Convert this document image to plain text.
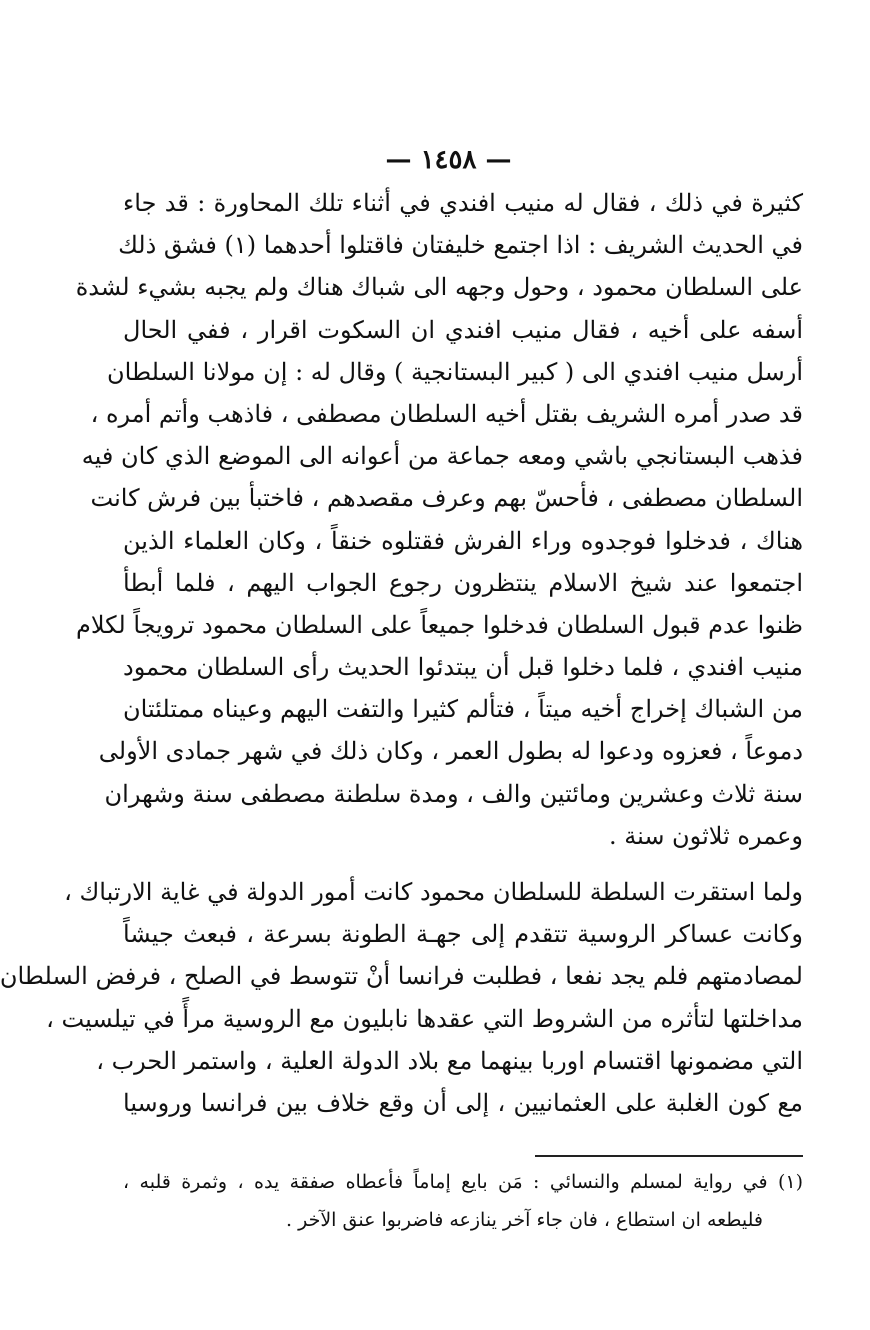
— ١٤٥٨ —
كثيرة في ذلك ، فقال له منيب افندي في أثناء تلك المحاورة : قد جاء
في الحديث الشريف : اذا اجتمع خليفتان فاقتلوا أحدهما (١) فشق ذلك
على السلطان محمود ، وحول وجهه الى شباك هناك ولم يجبه بشيء لشدة
أسفه على أخيه ، فقال منيب افندي ان السكوت اقرار ، ففي الحال
أرسل منيب افندي الى ( كبير البستانجية ) وقال له : إن مولانا السلطان
قد صدر أمره الشريف بقتل أخيه السلطان مصطفى ، فاذهب وأتم أمره ،
فذهب البستانجي باشي ومعه جماعة من أعوانه الى الموضع الذي كان فيه
السلطان مصطفى ، فأحسّ بهم وعرف مقصدهم ، فاختبأ بين فرش كانت
هناك ، فدخلوا فوجدوه وراء الفرش فقتلوه خنقاً ، وكان العلماء الذين
اجتمعوا عند شيخ الاسلام ينتظرون رجوع الجواب اليهم ، فلما أبطأ
ظنوا عدم قبول السلطان فدخلوا جميعاً على السلطان محمود ترويجاً لكلام
منيب افندي ، فلما دخلوا قبل أن يبتدئوا الحديث رأى السلطان محمود
من الشباك إخراج أخيه ميتاً ، فتألم كثيرا والتفت اليهم وعيناه ممتلئتان
دموعاً ، فعزوه ودعوا له بطول العمر ، وكان ذلك في شهر جمادى الأولى
سنة ثلاث وعشرين ومائتين والف ، ومدة سلطنة مصطفى سنة وشهران
وعمره ثلاثون سنة .
ولما استقرت السلطة للسلطان محمود كانت أمور الدولة في غاية الارتباك ،
وكانت عساكر الروسية تتقدم إلى جهـة الطونة بسرعة ، فبعث جيشاً
لمصادمتهم فلم يجد نفعا ، فطلبت فرانسا أنْ تتوسط في الصلح ، فرفض السلطان
مداخلتها لتأثره من الشروط التي عقدها نابليون مع الروسية مرأً في تيلسيت ،
التي مضمونها اقتسام اوربا بينهما مع بلاد الدولة العلية ، واستمر الحرب ،
مع كون الغلبة على العثمانيين ، إلى أن وقع خلاف بين فرانسا وروسيا
(١) في رواية لمسلم والنسائي : مَن بايع إماماً فأعطاه صفقة يده ، وثمرة قلبه ،
فليطعه ان استطاع ، فان جاء آخر ينازعه فاضربوا عنق الآخر .
